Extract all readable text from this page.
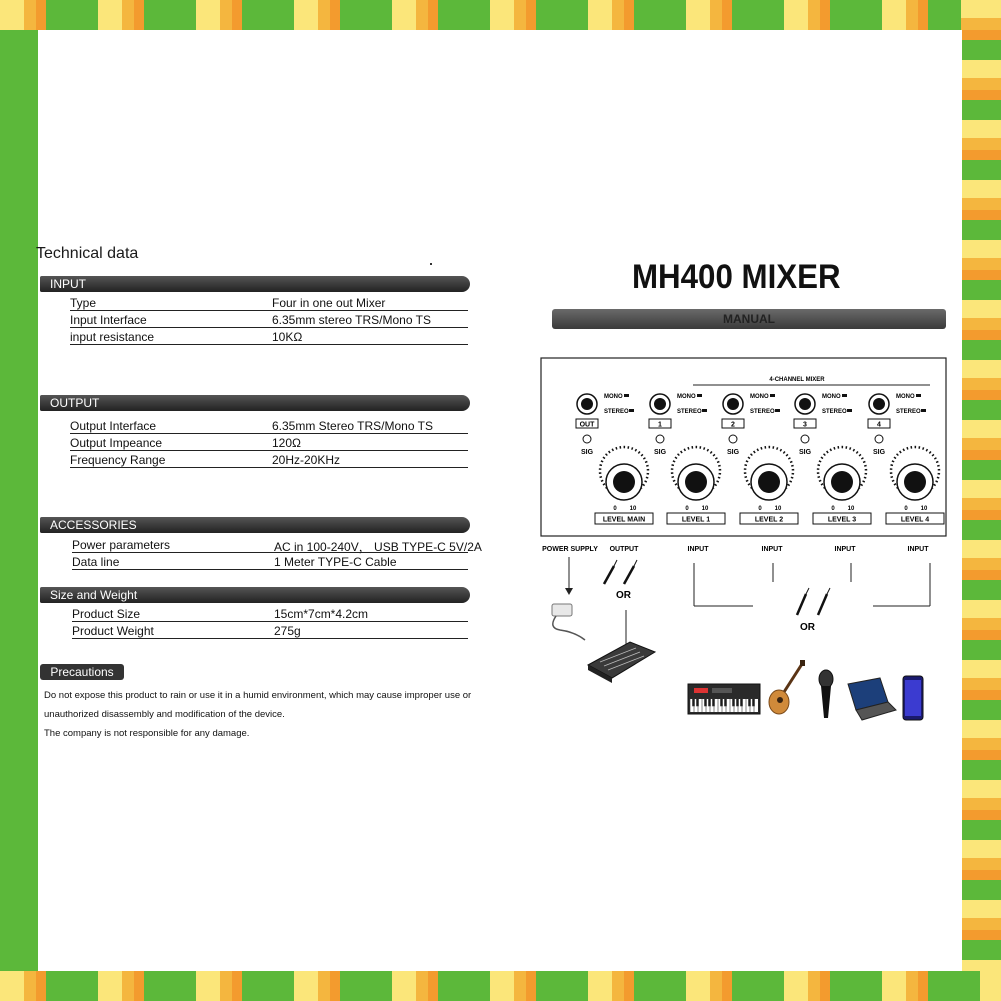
Technical data
INPUT
Type	Four in one out Mixer
Input Interface	6.35mm stereo TRS/Mono TS
input resistance	10KΩ
OUTPUT
Output Interface	6.35mm Stereo TRS/Mono TS
Output Impeance	120Ω
Frequency Range	20Hz-20KHz
ACCESSORIES
Power parameters	AC in 100-240V， USB TYPE-C 5V/2A
Data line	1 Meter TYPE-C Cable
Size and Weight
Product Size	15cm*7cm*4.2cm
Product Weight	275g
Precautions
Do not expose this product to rain or use it in a humid environment, which may cause improper use or
unauthorized disassembly and modification of the device.
The company is not responsible for any damage.
MH400 MIXER
MANUAL
4-CHANNEL MIXER
OUT
SIG
MONO
STEREO
0 10
LEVEL MAIN
1
SIG
MONO
STEREO
0 10
LEVEL 1
2
SIG
MONO
STEREO
0 10
LEVEL 2
3
SIG
MONO
STEREO
0 10
LEVEL 3
4
SIG
MONO
STEREO
0 10
LEVEL 4
POWER SUPPLY OUTPUT	INPUT	INPUT	INPUT	INPUT
OR
OR
